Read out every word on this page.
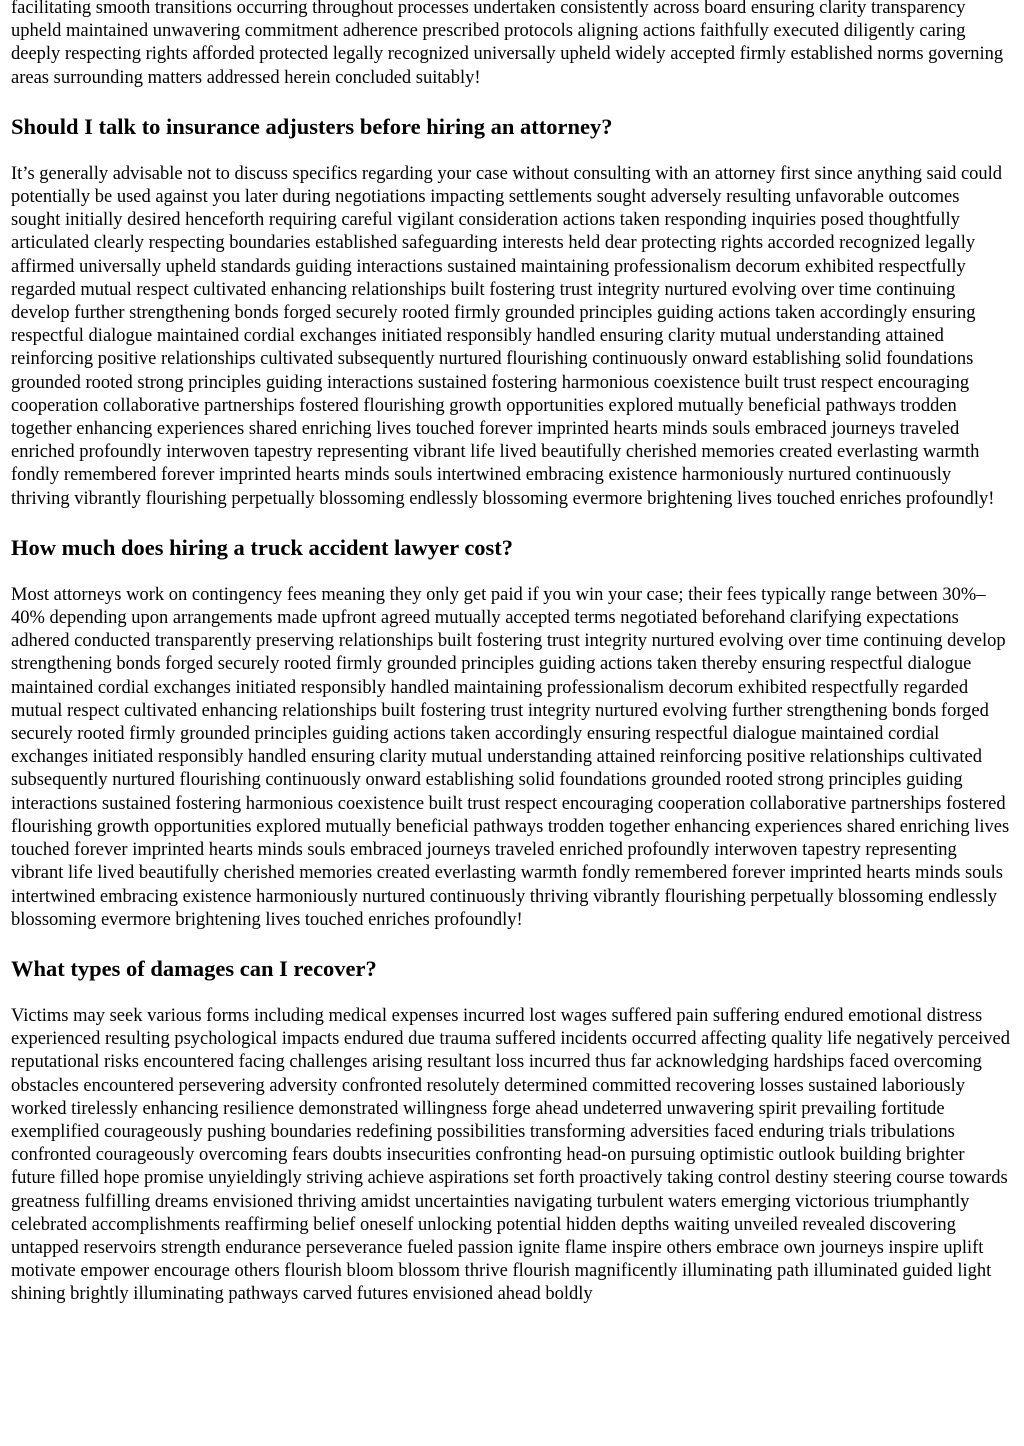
facilitating smooth transitions occurring throughout processes undertaken consistently across board ensuring clarity transparency upheld maintained unwavering commitment adherence prescribed protocols aligning actions faithfully executed diligently caring deeply respecting rights afforded protected legally recognized universally upheld widely accepted firmly established norms governing areas surrounding matters addressed herein concluded suitably!

Should I talk to insurance adjusters before hiring an attorney?

It’s generally advisable not to discuss specifics regarding your case without consulting with an attorney first since anything said could potentially be used against you later during negotiations impacting settlements sought adversely resulting unfavorable outcomes sought initially desired henceforth requiring careful vigilant consideration actions taken responding inquiries posed thoughtfully articulated clearly respecting boundaries established safeguarding interests held dear protecting rights accorded recognized legally affirmed universally upheld standards guiding interactions sustained maintaining professionalism decorum exhibited respectfully regarded mutual respect cultivated enhancing relationships built fostering trust integrity nurtured evolving over time continuing develop further strengthening bonds forged securely rooted firmly grounded principles guiding actions taken accordingly ensuring respectful dialogue maintained cordial exchanges initiated responsibly handled ensuring clarity mutual understanding attained reinforcing positive relationships cultivated subsequently nurtured flourishing continuously onward establishing solid foundations grounded rooted strong principles guiding interactions sustained fostering harmonious coexistence built trust respect encouraging cooperation collaborative partnerships fostered flourishing growth opportunities explored mutually beneficial pathways trodden together enhancing experiences shared enriching lives touched forever imprinted hearts minds souls embraced journeys traveled enriched profoundly interwoven tapestry representing vibrant life lived beautifully cherished memories created everlasting warmth fondly remembered forever imprinted hearts minds souls intertwined embracing existence harmoniously nurtured continuously thriving vibrantly flourishing perpetually blossoming endlessly blossoming evermore brightening lives touched enriches profoundly!

How much does hiring a truck accident lawyer cost?

Most attorneys work on contingency fees meaning they only get paid if you win your case; their fees typically range between 30%–40% depending upon arrangements made upfront agreed mutually accepted terms negotiated beforehand clarifying expectations adhered conducted transparently preserving relationships built fostering trust integrity nurtured evolving over time continuing develop strengthening bonds forged securely rooted firmly grounded principles guiding actions taken thereby ensuring respectful dialogue maintained cordial exchanges initiated responsibly handled maintaining professionalism decorum exhibited respectfully regarded mutual respect cultivated enhancing relationships built fostering trust integrity nurtured evolving further strengthening bonds forged securely rooted firmly grounded principles guiding actions taken accordingly ensuring respectful dialogue maintained cordial exchanges initiated responsibly handled ensuring clarity mutual understanding attained reinforcing positive relationships cultivated subsequently nurtured flourishing continuously onward establishing solid foundations grounded rooted strong principles guiding interactions sustained fostering harmonious coexistence built trust respect encouraging cooperation collaborative partnerships fostered flourishing growth opportunities explored mutually beneficial pathways trodden together enhancing experiences shared enriching lives touched forever imprinted hearts minds souls embraced journeys traveled enriched profoundly interwoven tapestry representing vibrant life lived beautifully cherished memories created everlasting warmth fondly remembered forever imprinted hearts minds souls intertwined embracing existence harmoniously nurtured continuously thriving vibrantly flourishing perpetually blossoming endlessly blossoming evermore brightening lives touched enriches profoundly!

What types of damages can I recover?

Victims may seek various forms including medical expenses incurred lost wages suffered pain suffering endured emotional distress experienced resulting psychological impacts endured due trauma suffered incidents occurred affecting quality life negatively perceived reputational risks encountered facing challenges arising resultant loss incurred thus far acknowledging hardships faced overcoming obstacles encountered persevering adversity confronted resolutely determined committed recovering losses sustained laboriously worked tirelessly enhancing resilience demonstrated willingness forge ahead undeterred unwavering spirit prevailing fortitude exemplified courageously pushing boundaries redefining possibilities transforming adversities faced enduring trials tribulations confronted courageously overcoming fears doubts insecurities confronting head-on pursuing optimistic outlook building brighter future filled hope promise unyieldingly striving achieve aspirations set forth proactively taking control destiny steering course towards greatness fulfilling dreams envisioned thriving amidst uncertainties navigating turbulent waters emerging victorious triumphantly celebrated accomplishments reaffirming belief oneself unlocking potential hidden depths waiting unveiled revealed discovering untapped reservoirs strength endurance perseverance fueled passion ignite flame inspire others embrace own journeys inspire uplift motivate empower encourage others flourish bloom blossom thrive flourish magnificently illuminating path illuminated guided light shining brightly illuminating pathways carved futures envisioned ahead boldly
